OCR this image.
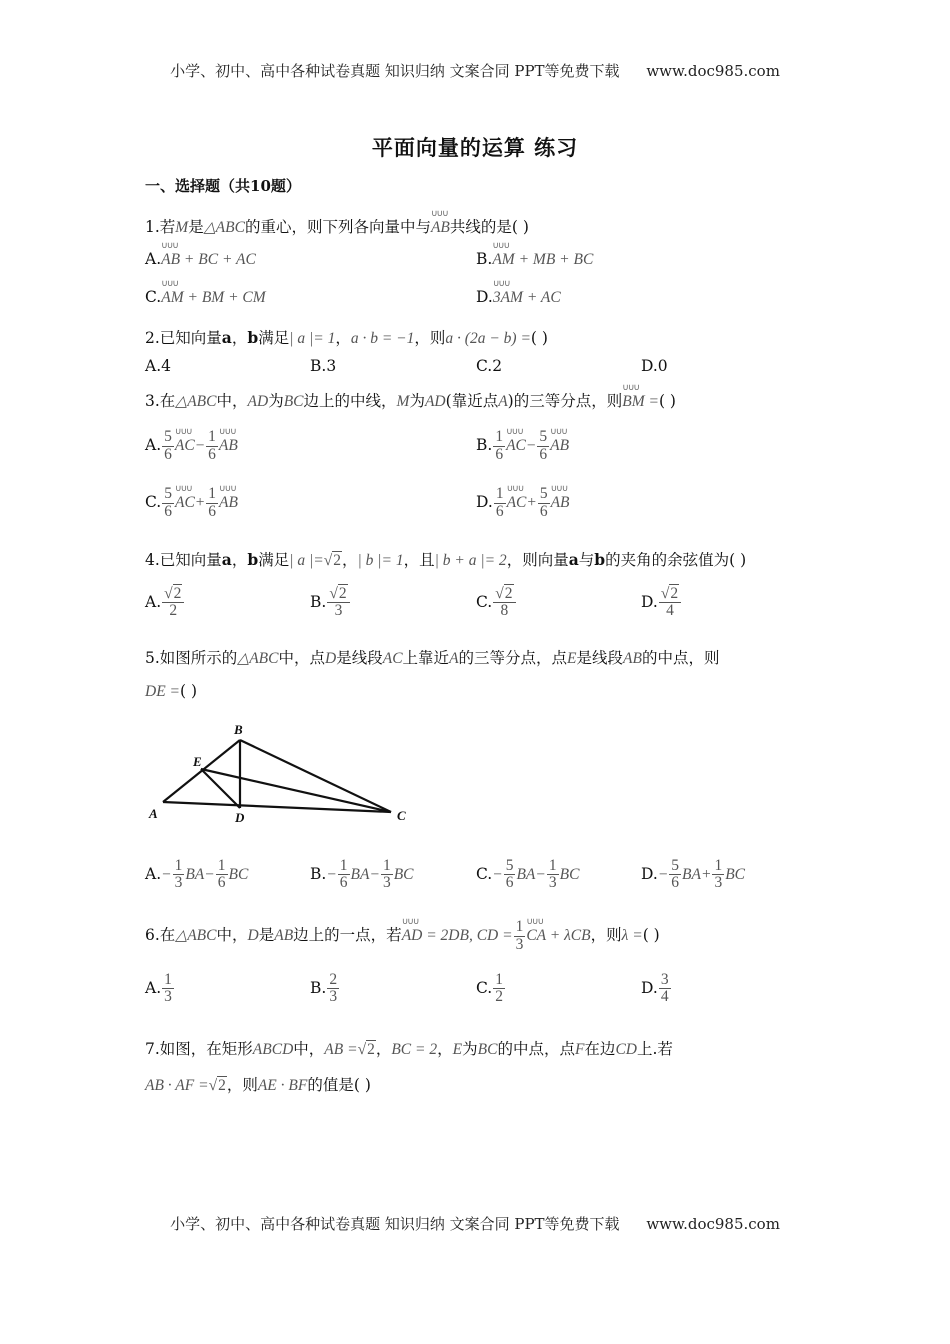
小学、初中、高中各种试卷真题 知识归纳 文案合同 PPT等免费下载 www.doc985.com
平面向量的运算 练习
一、选择题（共10题）
1.若M是△ABC的重心，则下列各向量中与∪∪∪ AB共线的是( )
A.∪∪∪ AB + BC + AC	B.∪∪∪ AM + MB + BC
C.∪∪∪ AM + BM + CM	D.∪∪∪ 3AM + AC
2.已知向量a，b满足| a |= 1，a · b = −1，则a · (2a − b) =( )
A.4	B.3	C.2	D.0
3.在△ABC中，AD为BC边上的中线，M为AD(靠近点A)的三等分点，则∪∪∪ BM =( )
A. $\frac{5}{6}$ ∪∪∪ $AC- \frac{1}{6}$ ∪∪∪ AB	B. $\frac{1}{6}$ ∪∪∪ $AC- \frac{5}{6}$ ∪∪∪ AB
C. $\frac{5}{6}$ ∪∪∪ $AC+ \frac{1}{6}$ ∪∪∪ AB	D. $\frac{1}{6}$ ∪∪∪ $AC+ \frac{5}{6}$ ∪∪∪ AB
4.已知向量a，b满足| a |=√2，| b |= 1，且| b + a |= 2，则向量a与b的夹角的余弦值为( )
A. $\frac{√2}{2}$	B. $\frac{√2}{3}$	C. $\frac{√2}{8}$	D. $\frac{√2}{4}$
5.如图所示的△ABC中，点D是线段AC上靠近A的三等分点，点E是线段AB的中点，则
DE =( )
A
B
C
D
E
$A.- \frac{1}{3} BA- \frac{1}{6}$ BC	$B.- \frac{1}{6} BA- \frac{1}{3}$ BC	$C.- \frac{5}{6} BA- \frac{1}{3}$ BC	$D.- \frac{5}{6} BA+ \frac{1}{3}$ BC
6.在△ABC中，D是AB边上的一点，若∪∪∪ AD = 2DB, CD = $\frac{1}{3}$ ∪∪∪ CA + λCB，则λ =( )
A. $\frac{1}{3}$	B. $\frac{2}{3}$	C. $\frac{1}{2}$	D. $\frac{3}{4}$
7.如图，在矩形ABCD中，AB =√2，BC = 2，E为BC的中点，点F在边CD上.若
AB · AF =√2，则AE · BF的值是( )
小学、初中、高中各种试卷真题 知识归纳 文案合同 PPT等免费下载 www.doc985.com
